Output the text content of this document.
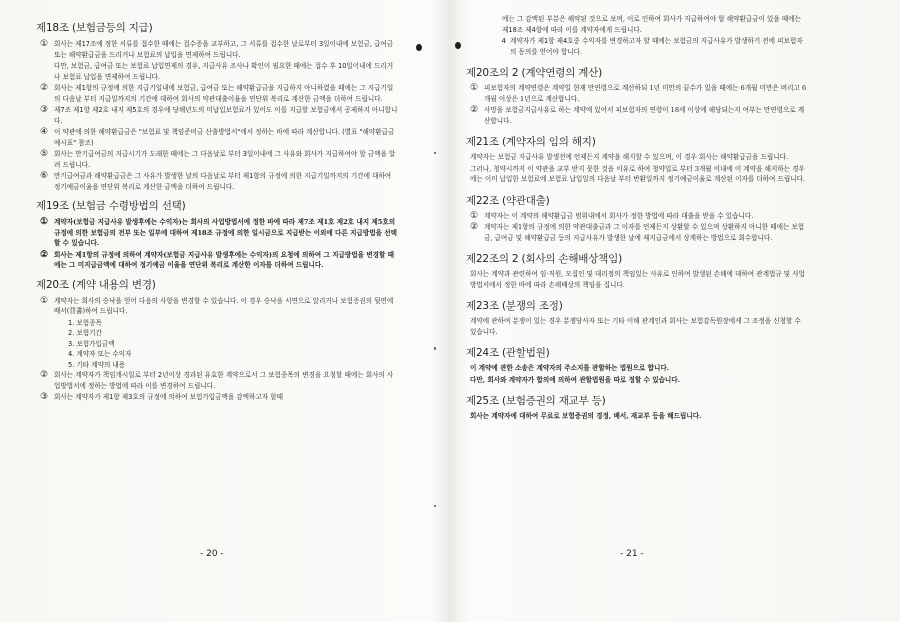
제18조 (보험금등의 지급)
① 회사는 제17조에 정한 서류를 접수한 때에는 접수증을 교부하고, 그 서류를 접수한 날로부터 3일이내에 보험금, 급여금 또는 해약환급금을 드리거나 보험료의 납입을 면제하여 드립니다.
다만, 보험금, 급여금 또는 보험료 납입면제의 경우, 지급사유 조사나 확인이 필요한 때에는 접수 후 10일이내에 드리거나 보험료 납입을 면제하여 드립니다.
② 회사는 제1항의 규정에 의한 지급기일내에 보험금, 급여금 또는 해약환급금을 지급하지 아니하였을 때에는 그 지급기일의 다음날 부터 지급일까지의 기간에 대하여 회사의 약관대출이율을 연단위 복리로 계산한 금액을 더하여 드립니다.
③ 제7조 제1항 제2호 내지 제5호의 경우에 당해년도의 미납입보험료가 있어도 이를 지급할 보험금에서 공제하지 아니합니다.
④ 이 약관에 의한 해약환급금은 "보험료 및 책임준비금 산출방법서"에서 정하는 바에 따라 계산합니다. (별표 "해약환급금 예시표" 참조)
⑤ 회사는 만기급여금의 지급시기가 도래한 때에는 그 다음날로 부터 3일이내에 그 사유와 회사가 지급하여야 할 금액을 알려 드립니다.
⑥ 만기급여금과 해약환급금은 그 사유가 발생한 날의 다음날로 부터 제1항의 규정에 의한 지급기일까지의 기간에 대하여 정기예금이율을 연단위 복리로 계산한 금액을 더하여 드립니다.
제19조 (보험금 수령방법의 선택)
① 계약자(보험금 지급사유 발생후에는 수익자)는 회사의 사업방법서에 정한 바에 따라 제7조 제1호 제2호 내지 제5호의 규정에 의한 보험금의 전부 또는 일부에 대하여 제18조 규정에 의한 일시금으로 지급받는 이외에 다른 지급방법을 선택할 수 있습니다.
② 회사는 제1항의 규정에 의하여 계약자(보험금 지급사유 발생후에는 수익자)의 요청에 의하여 그 지급방법을 변경할 때에는 그 미지급금액에 대하여 정기예금 이율을 연단위 복리로 계산한 이자를 더하여 드립니다.
제20조 (계약 내용의 변경)
① 계약자는 회사의 승낙을 얻어 다음의 사항을 변경할 수 있습니다. 이 경우 승낙을 서면으로 알리거나 보험증권의 뒷면에 배서(背書)하여 드립니다.
1. 보험종목
2. 보험기간
3. 보험가입금액
4. 계약자 또는 수익자
5. 기타 계약의 내용
② 회사는 계약자가 책임개시일로 부터 2년이상 경과된 유효한 계약으로서 그 보험종목의 변경을 요청할 때에는 회사의 사업방법서에 정하는 방법에 따라 이를 변경하여 드립니다.
③ 회사는 계약자가 제1항 제3호의 규정에 의하여 보험가입금액을 감액하고자 할때
- 20 -
에는 그 감액된 부분은 해약된 것으로 보며, 이로 인하여 회사가 지급하여야 할 해약환급금이 있을 때에는 제18조 제4항에 따라 이를 계약자에게 드립니다.
4 계약자가 제1항 제4호중 수익자를 변경하고자 할 때에는 보험금의 지급사유가 발생하기 전에 피보험자의 동의를 얻어야 합니다.
제20조의 2 (계약연령의 계산)
① 피보험자의 계약연령은 계약일 현재 만연령으로 계산하되 1년 미만의 끝수가 있을 때에는 6개월 미만은 버리고 6개월 이상은 1년으로 계산합니다.
② 사망을 보험금지급사유로 하는 계약에 있어서 피보험자의 연령이 18세 이상에 해당되는지 여부는 만연령으로 계산합니다.
제21조 (계약자의 임의 해지)
계약자는 보험금 지급사유 발생전에 언제든지 계약을 해지할 수 있으며, 이 경우 회사는 해약환급금을 드립니다.
그러나, 청약시까지 이 약관을 교부 받지 못한 것을 이유로 하여 청약일로 부터 3개월 이내에 이 계약을 해지하는 경우에는 이미 납입한 보험료에 보험료 납입일의 다음날 부터 반환일까지 정기예금이율로 계산된 이자를 더하여 드립니다.
제22조 (약관대출)
① 계약자는 이 계약의 해약환급금 범위내에서 회사가 정한 방법에 따라 대출을 받을 수 있습니다.
② 계약자는 제1항의 규정에 의한 약관대출금과 그 이자를 언제든지 상환할 수 있으며 상환하지 아니한 때에는 보험금, 급여금 및 해약환급금 등의 지급사유가 발생한 날에 제지급금에서 상계하는 방법으로 회수합니다.
제22조의 2 (회사의 손해배상책임)
회사는 계약과 관련하여 임·직원, 모집인 및 대리점의 책임있는 사유로 인하여 발생된 손해에 대하여 관계법규 및 사업방법서에서 정한 바에 따라 손해배상의 책임을 집니다.
제23조 (분쟁의 조정)
계약에 관하여 분쟁이 있는 경우 분쟁당사자 또는 기타 이해 관계인과 회사는 보험감독원장에게 그 조정을 신청할 수 있습니다.
제24조 (관할법원)
이 계약에 관한 소송은 계약자의 주소지를 관할하는 법원으로 합니다.
다만, 회사와 계약자가 합의에 의하여 관할법원을 따로 정할 수 있습니다.
제25조 (보험증권의 재교부 등)
회사는 계약자에 대하여 무료로 보험증권의 경정, 배서, 재교부 등을 해드립니다.
- 21 -
